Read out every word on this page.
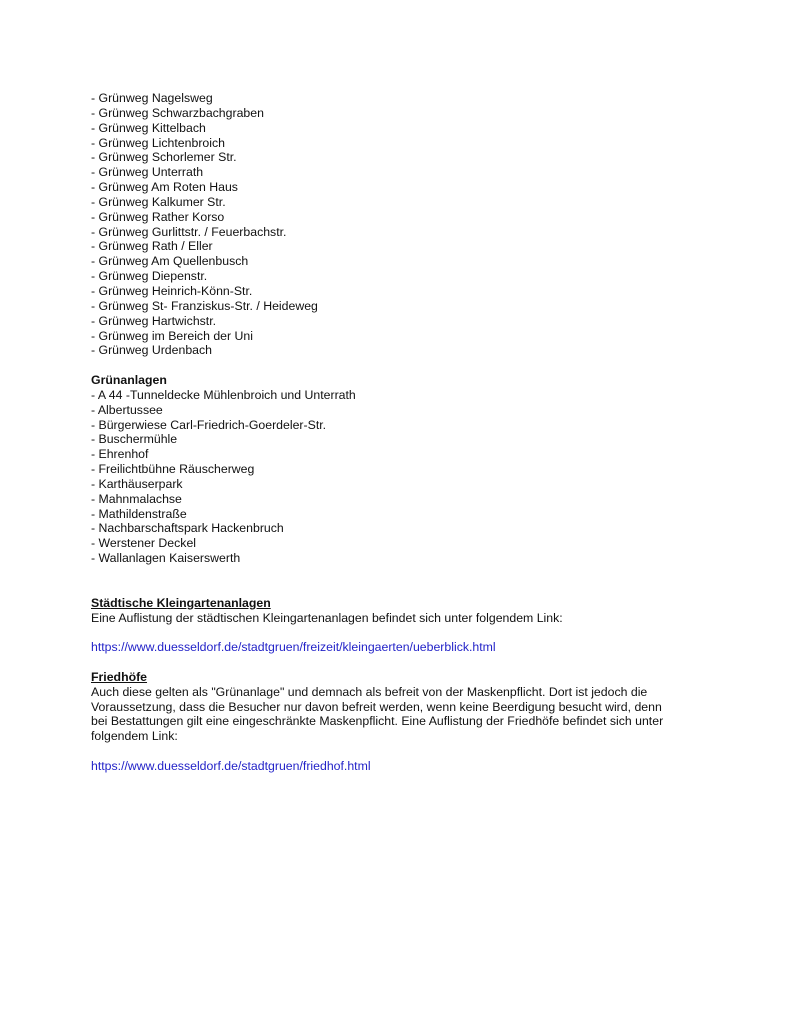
- Grünweg Nagelsweg
- Grünweg Schwarzbachgraben
- Grünweg Kittelbach
- Grünweg Lichtenbroich
- Grünweg Schorlemer Str.
- Grünweg Unterrath
- Grünweg Am Roten Haus
- Grünweg Kalkumer Str.
- Grünweg Rather Korso
- Grünweg Gurlittstr. / Feuerbachstr.
- Grünweg Rath / Eller
- Grünweg Am Quellenbusch
- Grünweg Diepenstr.
- Grünweg Heinrich-Könn-Str.
- Grünweg St- Franziskus-Str. / Heideweg
- Grünweg Hartwichstr.
- Grünweg im Bereich der Uni
- Grünweg Urdenbach
Grünanlagen
- A 44 -Tunneldecke Mühlenbroich und Unterrath
- Albertussee
- Bürgerwiese Carl-Friedrich-Goerdeler-Str.
- Buschermühle
- Ehrenhof
- Freilichtbühne Räuscherweg
- Karthäuserpark
- Mahnmalachse
- Mathildenstraße
- Nachbarschaftspark Hackenbruch
- Werstener Deckel
- Wallanlagen Kaiserswerth
Städtische Kleingartenanlagen
Eine Auflistung der städtischen Kleingartenanlagen befindet sich unter folgendem Link:
https://www.duesseldorf.de/stadtgruen/freizeit/kleingaerten/ueberblick.html
Friedhöfe
Auch diese gelten als "Grünanlage" und demnach als befreit von der Maskenpflicht. Dort ist jedoch die
Voraussetzung, dass die Besucher nur davon befreit werden, wenn keine Beerdigung besucht wird, denn
bei Bestattungen gilt eine eingeschränkte Maskenpflicht. Eine Auflistung der Friedhöfe befindet sich unter
folgendem Link:
https://www.duesseldorf.de/stadtgruen/friedhof.html
